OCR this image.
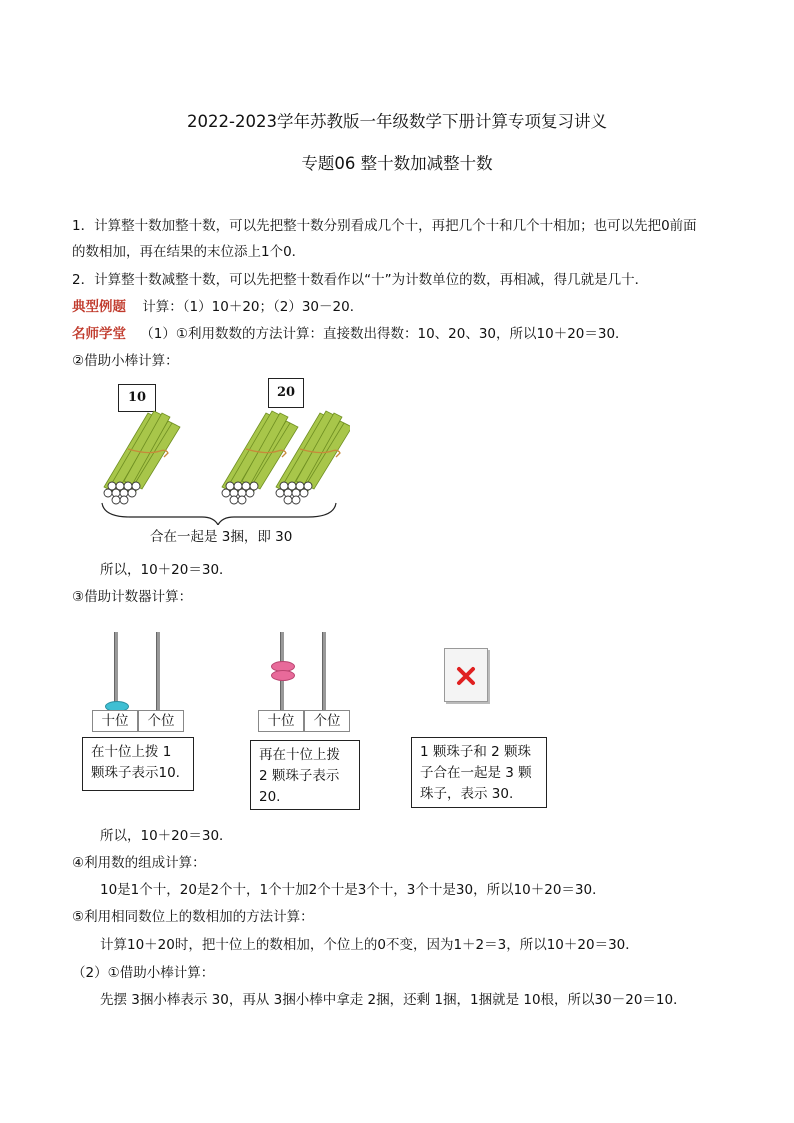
2022-2023学年苏教版一年级数学下册计算专项复习讲义
专题06 整十数加减整十数
1．计算整十数加整十数，可以先把整十数分别看成几个十，再把几个十和几个十相加；也可以先把0前面
的数相加，再在结果的末位添上1个0．
2．计算整十数减整十数，可以先把整十数看作以“十”为计数单位的数，再相减，得几就是几十．
典型例题 计算：（1）10＋20；（2）30－20．
名师学堂 （1）①利用数数的方法计算：直接数出得数：10、20、30，所以10＋20＝30．
②借助小棒计算：
10	20
合在一起是 3捆，即 30
所以，10＋20＝30．
③借助计数器计算：
十位	个位
在十位上拨 1 颗珠子表示10.
十位	个位
再在十位上拨 2 颗珠子表示 20.
1 颗珠子和 2 颗珠子合在一起是 3 颗珠子，表示 30.
所以，10＋20＝30．
④利用数的组成计算：
10是1个十，20是2个十，1个十加2个十是3个十，3个十是30，所以10＋20＝30．
⑤利用相同数位上的数相加的方法计算：
计算10＋20时，把十位上的数相加，个位上的0不变，因为1＋2＝3，所以10＋20＝30．
（2）①借助小棒计算：
先摆 3捆小棒表示 30，再从 3捆小棒中拿走 2捆，还剩 1捆，1捆就是 10根，所以30－20＝10．
